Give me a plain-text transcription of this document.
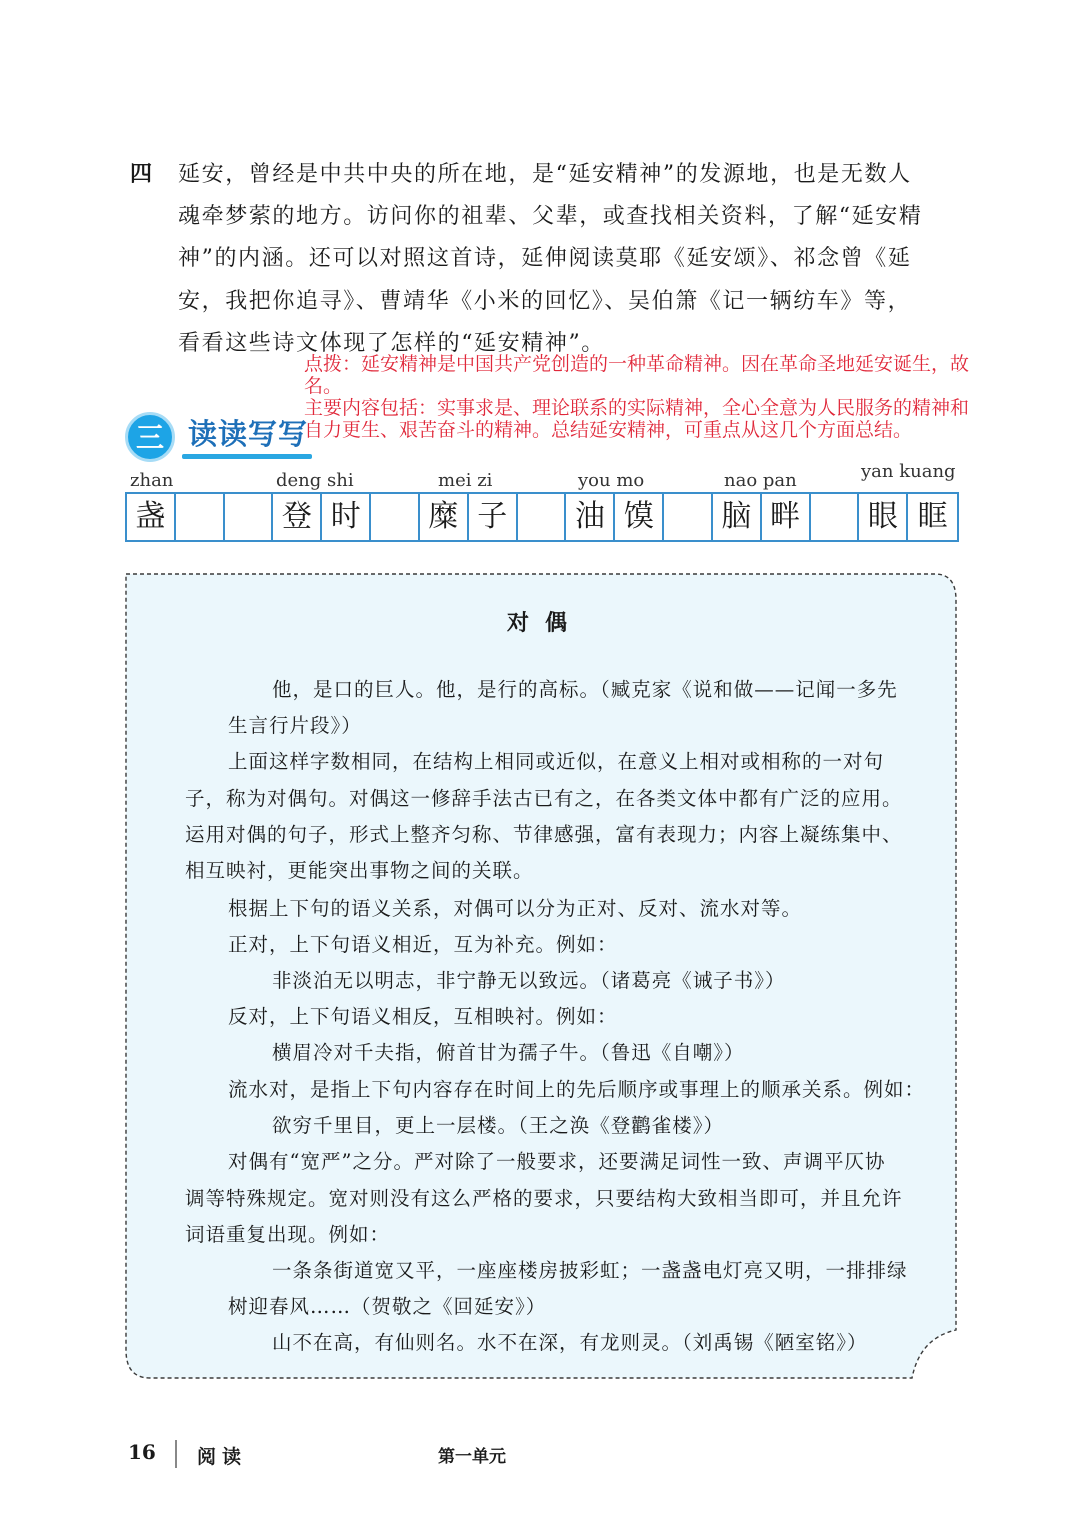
四 延安，曾经是中共中央的所在地，是“延安精神”的发源地，也是无数人
魂牵梦萦的地方。访问你的祖辈、父辈，或查找相关资料，了解“延安精
神”的内涵。还可以对照这首诗，延伸阅读莫耶《延安颂》、祁念曾《延
安，我把你追寻》、曹靖华《小米的回忆》、吴伯箫《记一辆纺车》等，
看看这些诗文体现了怎样的“延安精神”。
点拨：延安精神是中国共产党创造的一种革命精神。因在革命圣地延安诞生，故
名。
主要内容包括：实事求是、理论联系的实际精神，全心全意为人民服务的精神和
三 读读写写
自力更生、艰苦奋斗的精神。总结延安精神，可重点从这几个方面总结。
盏	登 时	糜 子	油 馍	脑 畔	眼 眶
对偶
他，是口的巨人。他，是行的高标。（臧克家《说和做——记闻一多先
生言行片段》）
上面这样字数相同，在结构上相同或近似，在意义上相对或相称的一对句
子，称为对偶句。对偶这一修辞手法古已有之，在各类文体中都有广泛的应用。
运用对偶的句子，形式上整齐匀称、节律感强，富有表现力；内容上凝练集中、
相互映衬，更能突出事物之间的关联。
根据上下句的语义关系，对偶可以分为正对、反对、流水对等。
正对，上下句语义相近，互为补充。例如：
非淡泊无以明志，非宁静无以致远。（诸葛亮《诫子书》）
反对，上下句语义相反，互相映衬。例如：
横眉冷对千夫指，俯首甘为孺子牛。（鲁迅《自嘲》）
流水对，是指上下句内容存在时间上的先后顺序或事理上的顺承关系。例如：
欲穷千里目，更上一层楼。（王之涣《登鹳雀楼》）
对偶有“宽严”之分。严对除了一般要求，还要满足词性一致、声调平仄协
调等特殊规定。宽对则没有这么严格的要求，只要结构大致相当即可，并且允许
词语重复出现。例如：
一条条街道宽又平，一座座楼房披彩虹；一盏盏电灯亮又明，一排排绿
树迎春风……（贺敬之《回延安》）
山不在高，有仙则名。水不在深，有龙则灵。（刘禹锡《陋室铭》）
16 阅读	第一单元
zhan	deng shi	mei zi	you mo	nao pan	yan kuang
